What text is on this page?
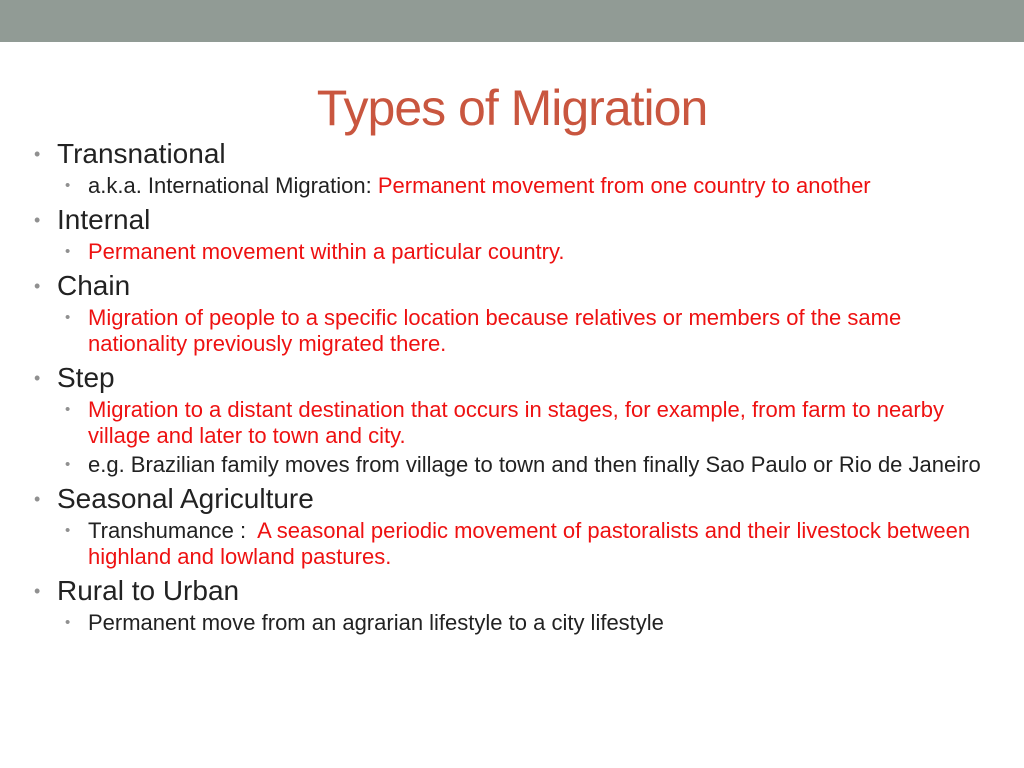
Types of Migration
• Transnational
• a.k.a. International Migration: Permanent movement from one country to another
• Internal
• Permanent movement within a particular country.
• Chain
• Migration of people to a specific location because relatives or members of the same nationality previously migrated there.
• Step
• Migration to a distant destination that occurs in stages, for example, from farm to nearby village and later to town and city.
• e.g. Brazilian family moves from village to town and then finally Sao Paulo or Rio de Janeiro
• Seasonal Agriculture
• Transhumance :  A seasonal periodic movement of pastoralists and their livestock between highland and lowland pastures.
• Rural to Urban
• Permanent move from an agrarian lifestyle to a city lifestyle
